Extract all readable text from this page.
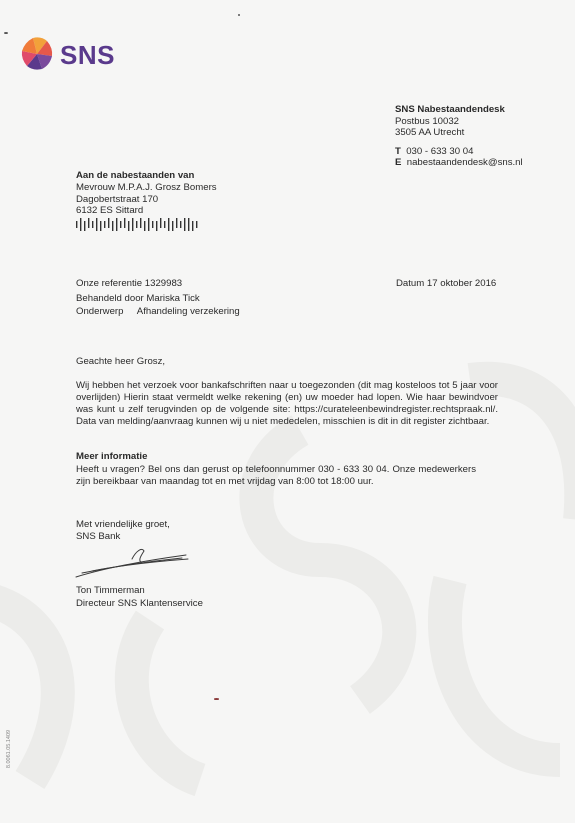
SNS
SNS Nabestaandendesk
Postbus 10032
3505 AA Utrecht
T 030 - 633 30 04
E nabestaandendesk@sns.nl
Aan de nabestaanden van
Mevrouw M.P.A.J. Grosz Bomers
Dagobertstraat 170
6132 ES Sittard
Onze referentie 1329983
Behandeld door Mariska Tick
Onderwerp Afhandeling verzekering
Datum 17 oktober 2016
Geachte heer Grosz,
Wij hebben het verzoek voor bankafschriften naar u toegezonden (dit mag kosteloos tot 5 jaar voor overlijden) Hierin staat vermeldt welke rekening (en) uw moeder had lopen. Wie haar bewindvoer was kunt u zelf terugvinden op de volgende site: https://curateleenbewindregister.rechtspraak.nl/. Data van melding/aanvraag kunnen wij u niet mededelen, misschien is dit in dit register zichtbaar.
Meer informatie
Heeft u vragen? Bel ons dan gerust op telefoonnummer 030 - 633 30 04. Onze medewerkers zijn bereikbaar van maandag tot en met vrijdag van 8:00 tot 18:00 uur.
Met vriendelijke groet,
SNS Bank
Ton Timmerman
Directeur SNS Klantenservice
8.0061.05.1409
